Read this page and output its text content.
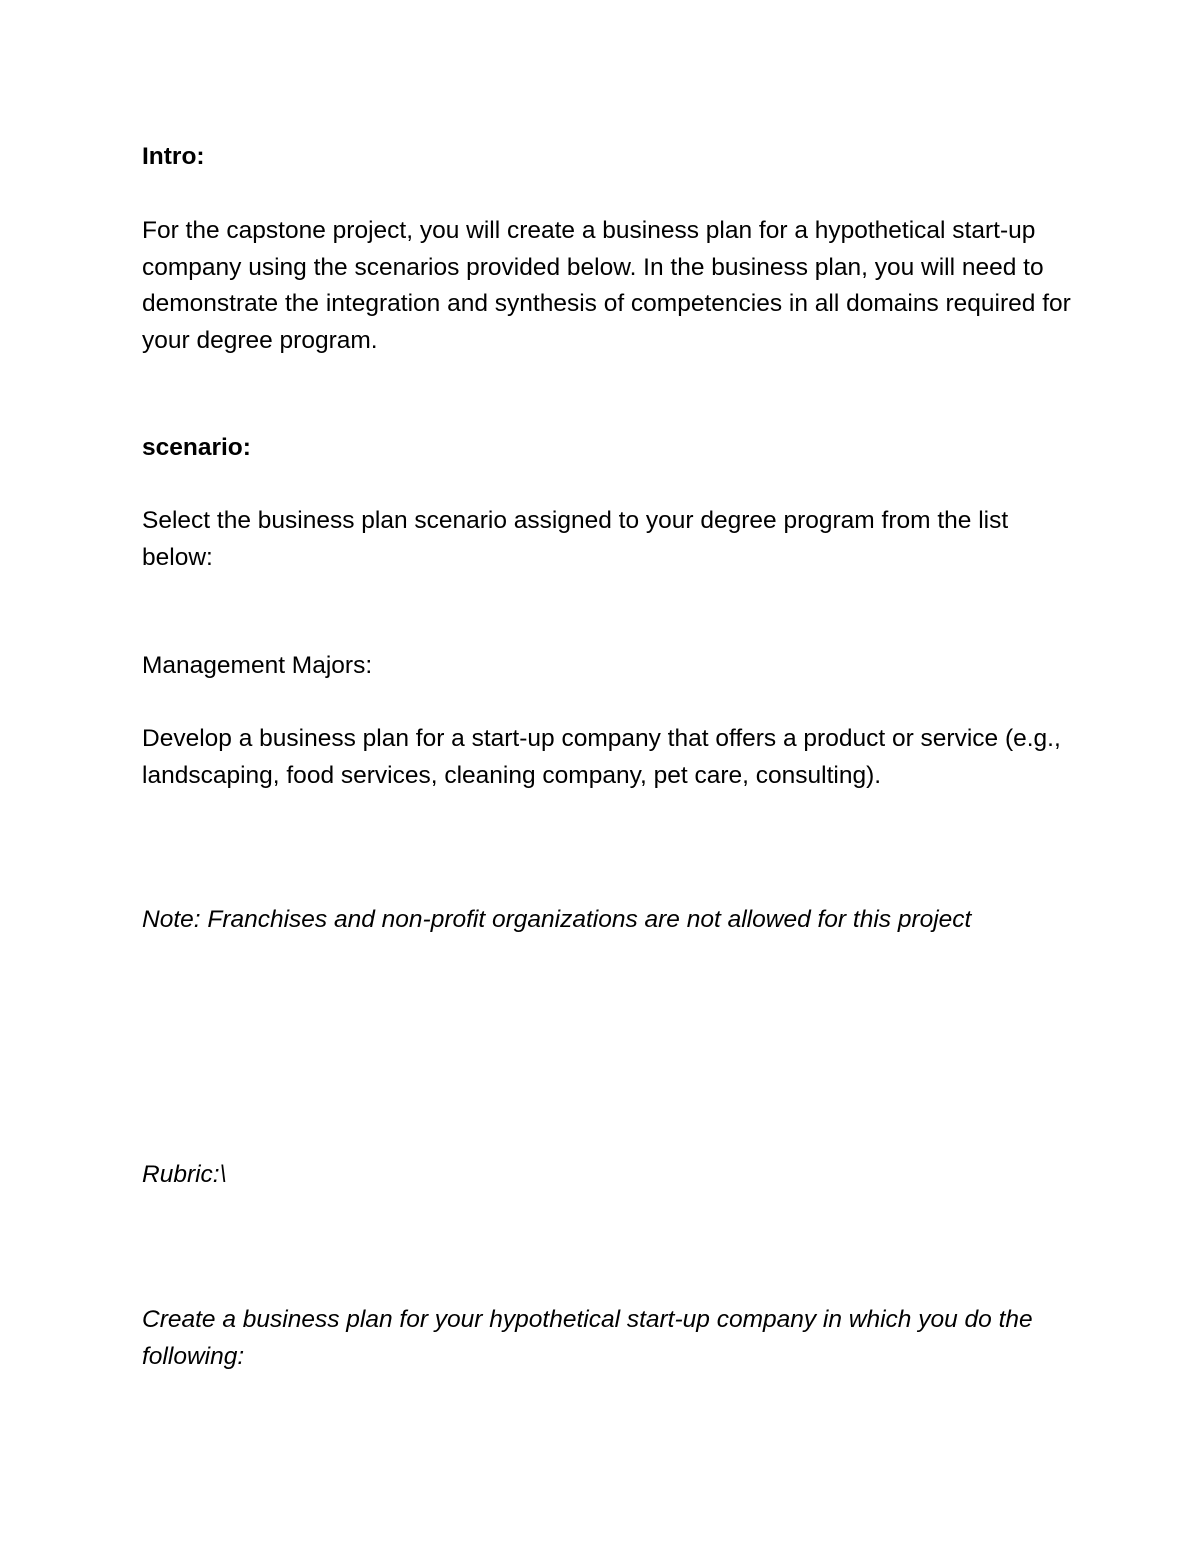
Intro:

For the capstone project, you will create a business plan for a hypothetical start-up company using the scenarios provided below. In the business plan, you will need to demonstrate the integration and synthesis of competencies in all domains required for your degree program.

scenario:

Select the business plan scenario assigned to your degree program from the list below:

Management Majors:

Develop a business plan for a start-up company that offers a product or service (e.g., landscaping, food services, cleaning company, pet care, consulting).

Note: Franchises and non-profit organizations are not allowed for this project

Rubric:\

Create a business plan for your hypothetical start-up company in which you do the following:
